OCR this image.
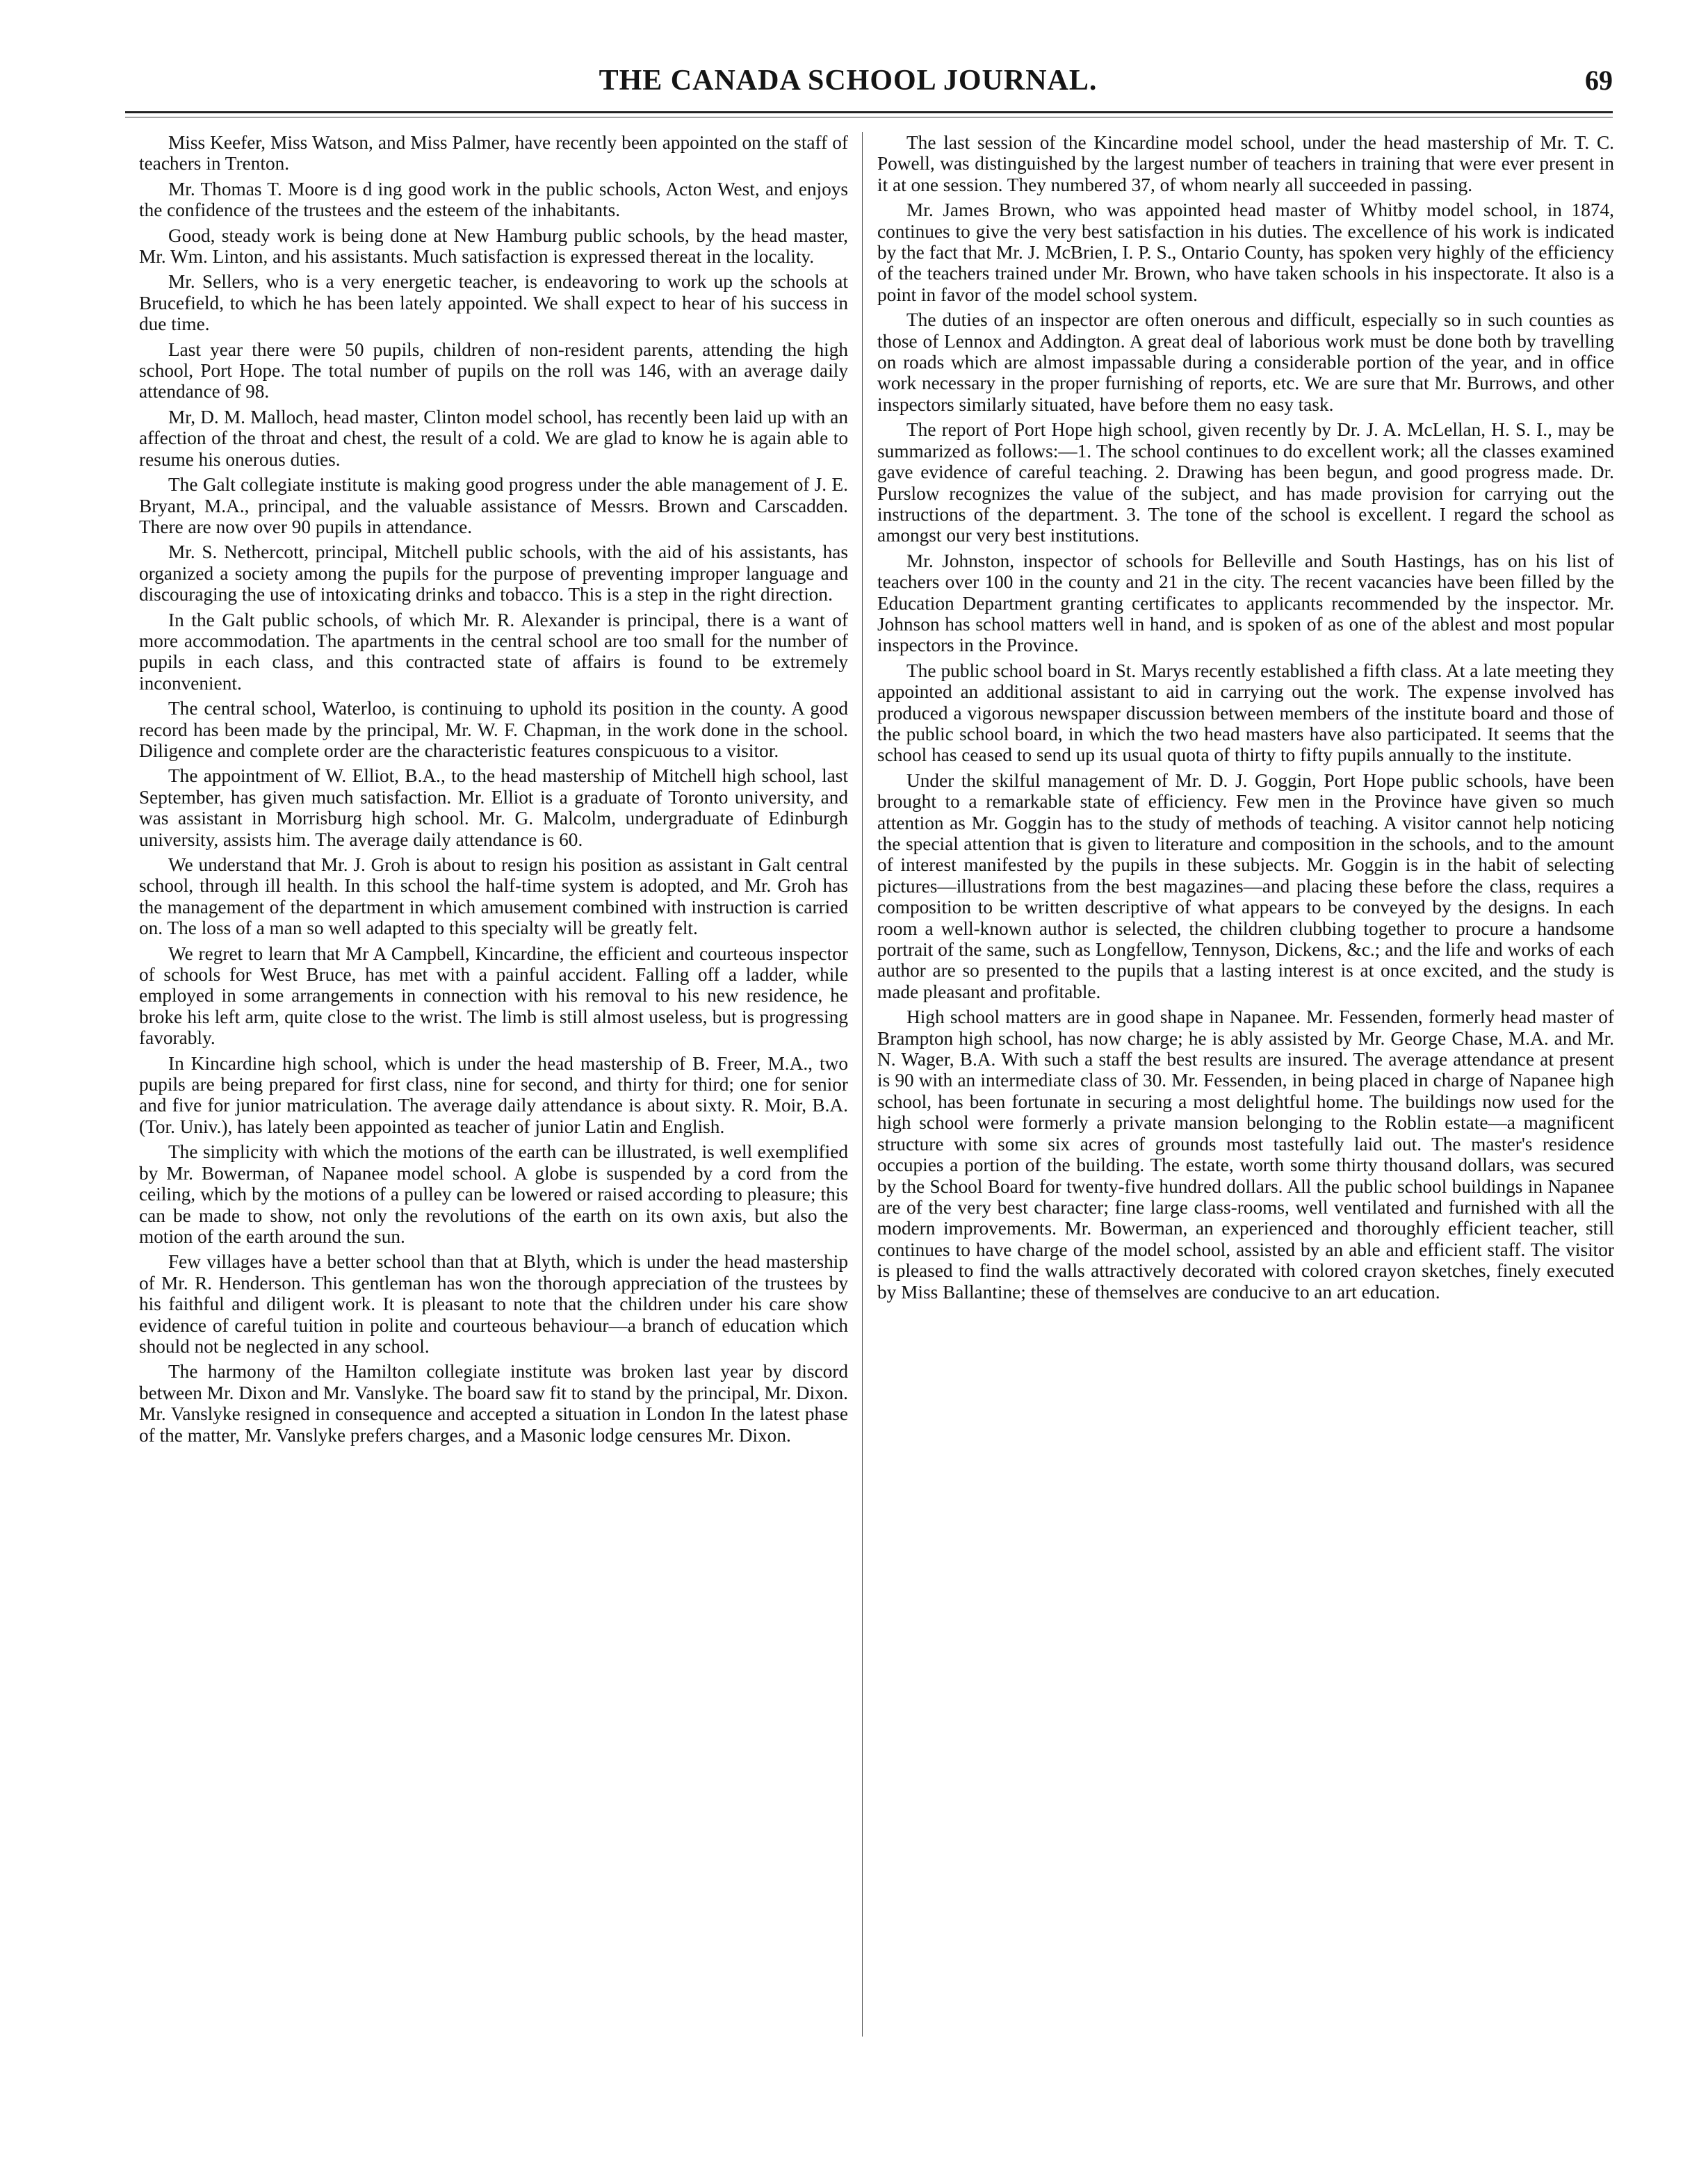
THE CANADA SCHOOL JOURNAL.	69

Miss Keefer, Miss Watson, and Miss Palmer, have recently been appointed on the staff of teachers in Trenton.

Mr. Thomas T. Moore is d ing good work in the public schools, Acton West, and enjoys the confidence of the trustees and the esteem of the inhabitants.

Good, steady work is being done at New Hamburg public schools, by the head master, Mr. Wm. Linton, and his assistants. Much satisfaction is expressed thereat in the locality.

Mr. Sellers, who is a very energetic teacher, is endeavoring to work up the schools at Brucefield, to which he has been lately appointed. We shall expect to hear of his success in due time.

Last year there were 50 pupils, children of non-resident parents, attending the high school, Port Hope. The total number of pupils on the roll was 146, with an average daily attendance of 98.

Mr, D. M. Malloch, head master, Clinton model school, has recently been laid up with an affection of the throat and chest, the result of a cold. We are glad to know he is again able to resume his onerous duties.

The Galt collegiate institute is making good progress under the able management of J. E. Bryant, M.A., principal, and the valuable assistance of Messrs. Brown and Carscadden. There are now over 90 pupils in attendance.

Mr. S. Nethercott, principal, Mitchell public schools, with the aid of his assistants, has organized a society among the pupils for the purpose of preventing improper language and discouraging the use of intoxicating drinks and tobacco. This is a step in the right direction.

In the Galt public schools, of which Mr. R. Alexander is principal, there is a want of more accommodation. The apartments in the central school are too small for the number of pupils in each class, and this contracted state of affairs is found to be extremely inconvenient.

The central school, Waterloo, is continuing to uphold its position in the county. A good record has been made by the principal, Mr. W. F. Chapman, in the work done in the school. Diligence and complete order are the characteristic features conspicuous to a visitor.

The appointment of W. Elliot, B.A., to the head mastership of Mitchell high school, last September, has given much satisfaction. Mr. Elliot is a graduate of Toronto university, and was assistant in Morrisburg high school. Mr. G. Malcolm, undergraduate of Edinburgh university, assists him. The average daily attendance is 60.

We understand that Mr. J. Groh is about to resign his position as assistant in Galt central school, through ill health. In this school the half-time system is adopted, and Mr. Groh has the management of the department in which amusement combined with instruction is carried on. The loss of a man so well adapted to this specialty will be greatly felt.

We regret to learn that Mr A Campbell, Kincardine, the efficient and courteous inspector of schools for West Bruce, has met with a painful accident. Falling off a ladder, while employed in some arrangements in connection with his removal to his new residence, he broke his left arm, quite close to the wrist. The limb is still almost useless, but is progressing favorably.

In Kincardine high school, which is under the head mastership of B. Freer, M.A., two pupils are being prepared for first class, nine for second, and thirty for third; one for senior and five for junior matriculation. The average daily attendance is about sixty. R. Moir, B.A. (Tor. Univ.), has lately been appointed as teacher of junior Latin and English.

The simplicity with which the motions of the earth can be illustrated, is well exemplified by Mr. Bowerman, of Napanee model school. A globe is suspended by a cord from the ceiling, which by the motions of a pulley can be lowered or raised according to pleasure; this can be made to show, not only the revolutions of the earth on its own axis, but also the motion of the earth around the sun.

Few villages have a better school than that at Blyth, which is under the head mastership of Mr. R. Henderson. This gentleman has won the thorough appreciation of the trustees by his faithful and diligent work. It is pleasant to note that the children under his care show evidence of careful tuition in polite and courteous behaviour—a branch of education which should not be neglected in any school.

The harmony of the Hamilton collegiate institute was broken last year by discord between Mr. Dixon and Mr. Vanslyke. The board saw fit to stand by the principal, Mr. Dixon. Mr. Vanslyke resigned in consequence and accepted a situation in London In the latest phase of the matter, Mr. Vanslyke prefers charges, and a Masonic lodge censures Mr. Dixon.

The last session of the Kincardine model school, under the head mastership of Mr. T. C. Powell, was distinguished by the largest number of teachers in training that were ever present in it at one session. They numbered 37, of whom nearly all succeeded in passing.

Mr. James Brown, who was appointed head master of Whitby model school, in 1874, continues to give the very best satisfaction in his duties. The excellence of his work is indicated by the fact that Mr. J. McBrien, I. P. S., Ontario County, has spoken very highly of the efficiency of the teachers trained under Mr. Brown, who have taken schools in his inspectorate. It also is a point in favor of the model school system.

The duties of an inspector are often onerous and difficult, especially so in such counties as those of Lennox and Addington. A great deal of laborious work must be done both by travelling on roads which are almost impassable during a considerable portion of the year, and in office work necessary in the proper furnishing of reports, etc. We are sure that Mr. Burrows, and other inspectors similarly situated, have before them no easy task.

The report of Port Hope high school, given recently by Dr. J. A. McLellan, H. S. I., may be summarized as follows:—1. The school continues to do excellent work; all the classes examined gave evidence of careful teaching. 2. Drawing has been begun, and good progress made. Dr. Purslow recognizes the value of the subject, and has made provision for carrying out the instructions of the department. 3. The tone of the school is excellent. I regard the school as amongst our very best institutions.

Mr. Johnston, inspector of schools for Belleville and South Hastings, has on his list of teachers over 100 in the county and 21 in the city. The recent vacancies have been filled by the Education Department granting certificates to applicants recommended by the inspector. Mr. Johnson has school matters well in hand, and is spoken of as one of the ablest and most popular inspectors in the Province.

The public school board in St. Marys recently established a fifth class. At a late meeting they appointed an additional assistant to aid in carrying out the work. The expense involved has produced a vigorous newspaper discussion between members of the institute board and those of the public school board, in which the two head masters have also participated. It seems that the school has ceased to send up its usual quota of thirty to fifty pupils annually to the institute.

Under the skilful management of Mr. D. J. Goggin, Port Hope public schools, have been brought to a remarkable state of efficiency. Few men in the Province have given so much attention as Mr. Goggin has to the study of methods of teaching. A visitor cannot help noticing the special attention that is given to literature and composition in the schools, and to the amount of interest manifested by the pupils in these subjects. Mr. Goggin is in the habit of selecting pictures—illustrations from the best magazines—and placing these before the class, requires a composition to be written descriptive of what appears to be conveyed by the designs. In each room a well-known author is selected, the children clubbing together to procure a handsome portrait of the same, such as Longfellow, Tennyson, Dickens, &c.; and the life and works of each author are so presented to the pupils that a lasting interest is at once excited, and the study is made pleasant and profitable.

High school matters are in good shape in Napanee. Mr. Fessenden, formerly head master of Brampton high school, has now charge; he is ably assisted by Mr. George Chase, M.A. and Mr. N. Wager, B.A. With such a staff the best results are insured. The average attendance at present is 90 with an intermediate class of 30. Mr. Fessenden, in being placed in charge of Napanee high school, has been fortunate in securing a most delightful home. The buildings now used for the high school were formerly a private mansion belonging to the Roblin estate—a magnificent structure with some six acres of grounds most tastefully laid out. The master's residence occupies a portion of the building. The estate, worth some thirty thousand dollars, was secured by the School Board for twenty-five hundred dollars. All the public school buildings in Napanee are of the very best character; fine large class-rooms, well ventilated and furnished with all the modern improvements. Mr. Bowerman, an experienced and thoroughly efficient teacher, still continues to have charge of the model school, assisted by an able and efficient staff. The visitor is pleased to find the walls attractively decorated with colored crayon sketches, finely executed by Miss Ballantine; these of themselves are conducive to an art education.
